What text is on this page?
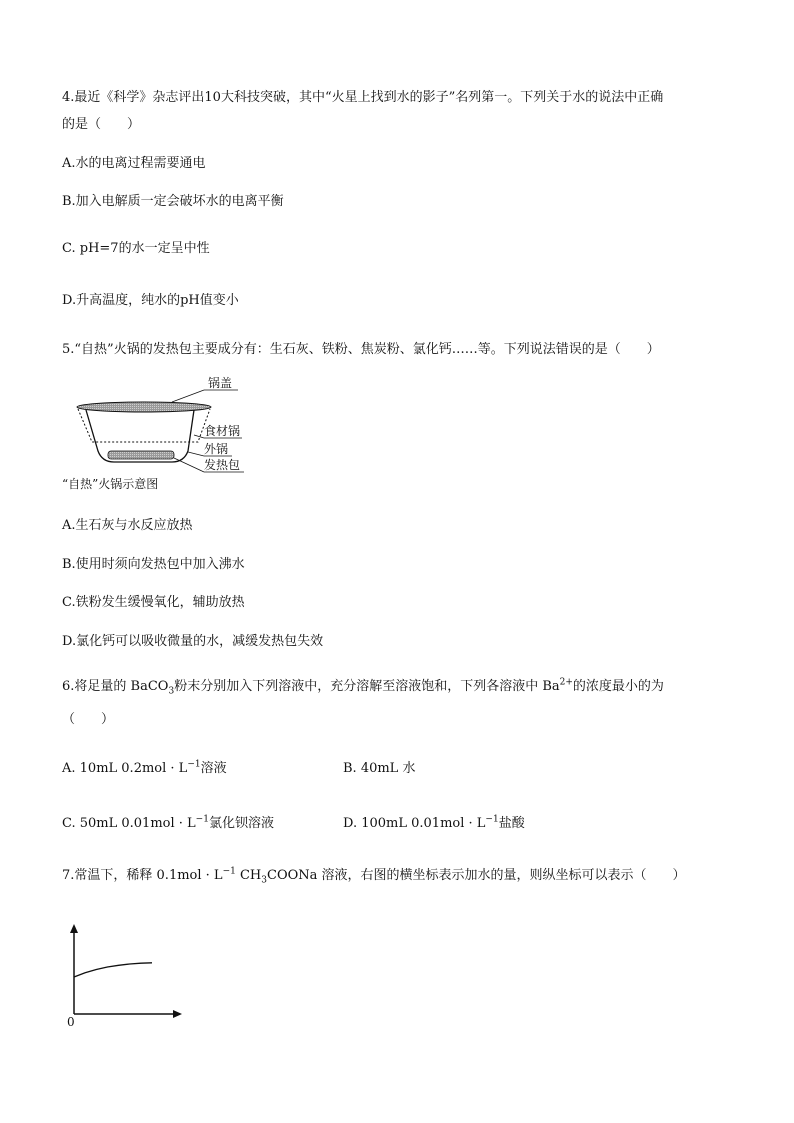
4.最近《科学》杂志评出10大科技突破，其中“火星上找到水的影子”名列第一。下列关于水的说法中正确
的是（　　）
A.水的电离过程需要通电
B.加入电解质一定会破坏水的电离平衡
C. pH=7的水一定呈中性
D.升高温度，纯水的pH值变小
5.“自热”火锅的发热包主要成分有：生石灰、铁粉、焦炭粉、氯化钙……等。下列说法错误的是（　　）
锅盖
食材锅
外锅
发热包
“自热”火锅示意图
A.生石灰与水反应放热
B.使用时须向发热包中加入沸水
C.铁粉发生缓慢氧化，辅助放热
D.氯化钙可以吸收微量的水，减缓发热包失效
6.将足量的 BaCO$_3$粉末分别加入下列溶液中，充分溶解至溶液饱和，下列各溶液中 $Ba^{2+}$的浓度最小的为
（　　）
A. 10mL $0.2mol \cdot L^{-1}$溶液	B. 40mL 水
C. 50mL $0.01mol \cdot L^{-1}$氯化钡溶液	D. 100mL $0.01mol \cdot L^{-1}$盐酸
7.常温下，稀释 $0.1mol \cdot L^{-1}$ $CH_3COONa$ 溶液，右图的横坐标表示加水的量，则纵坐标可以表示（　　）
0
